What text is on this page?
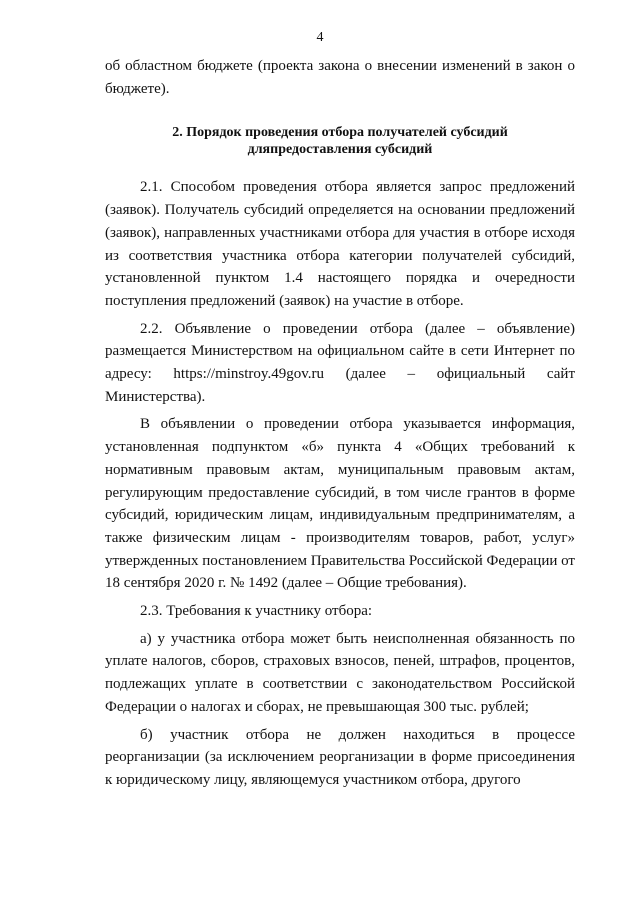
4

об областном бюджете (проекта закона о внесении изменений в закон о бюджете).

2. Порядок проведения отбора получателей субсидий
дляпредоставления субсидий

2.1. Способом проведения отбора является запрос предложений (заявок). Получатель субсидий определяется на основании предложений (заявок), направленных участниками отбора для участия в отборе исходя из соответствия участника отбора категории получателей субсидий, установленной пунктом 1.4 настоящего порядка и очередности поступления предложений (заявок) на участие в отборе.

2.2. Объявление о проведении отбора (далее – объявление) размещается Министерством на официальном сайте в сети Интернет по адресу: https://minstroy.49gov.ru (далее – официальный сайт Министерства).

В объявлении о проведении отбора указывается информация, установленная подпунктом «б» пункта 4 «Общих требований к нормативным правовым актам, муниципальным правовым актам, регулирующим предоставление субсидий, в том числе грантов в форме субсидий, юридическим лицам, индивидуальным предпринимателям, а также физическим лицам - производителям товаров, работ, услуг» утвержденных постановлением Правительства Российской Федерации от 18 сентября 2020 г. № 1492 (далее – Общие требования).

2.3. Требования к участнику отбора:

а) у участника отбора может быть неисполненная обязанность по уплате налогов, сборов, страховых взносов, пеней, штрафов, процентов, подлежащих уплате в соответствии с законодательством Российской Федерации о налогах и сборах, не превышающая 300 тыс. рублей;

б) участник отбора не должен находиться в процессе реорганизации (за исключением реорганизации в форме присоединения к юридическому лицу, являющемуся участником отбора, другого
